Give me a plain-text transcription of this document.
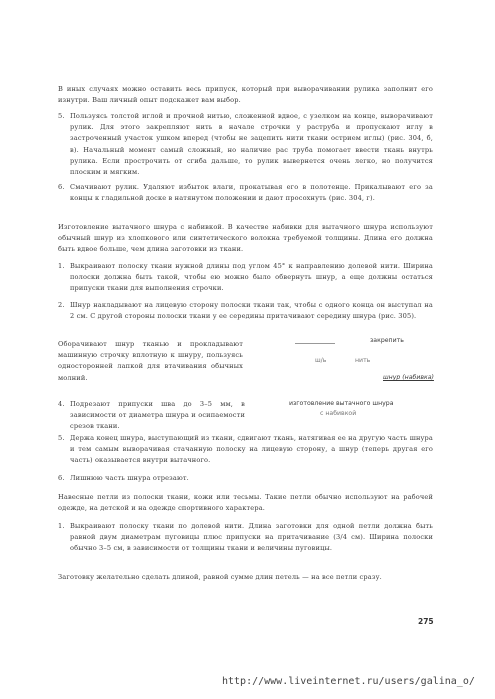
В иных случаях можно оставить весь припуск, который при выворачивании рулика заполнит его изнутри. Ваш личный опыт подскажет вам выбор.

5. Пользуясь толстой иглой и прочной нитью, сложенной вдвое, с узелком на конце, выворачивают рулик. Для этого закрепляют нить в начале строчки у раструба и пропускают иглу в застроченный участок ушком вперед (чтобы не зацепить нити ткани острием иглы) (рис. 304, б, в). Начальный момент самый сложный, но наличие рас труба помогает ввести ткань внутрь рулика. Если прострочить от сгиба дальше, то рулик вывернется очень легко, но получится плоским и мягким.
6. Смачивают рулик. Удаляют избыток влаги, прокатывая его в полотенце. Прикалывают его за концы к гладильной доске в натянутом положении и дают просохнуть (рис. 304, г).

Изготовление вытачного шнура с набивкой. В качестве набивки для вытачного шнура используют обычный шнур из хлопкового или синтетического волокна требуемой толщины. Длина его должна быть вдвое больше, чем длина заготовки из ткани.

1. Выкраивают полоску ткани нужной длины под углом 45° к направлению долевой нити. Ширина полоски должна быть такой, чтобы ею можно было обвернуть шнур, а еще должны остаться припуски ткани для выполнения строчки.
2. Шнур накладывают на лицевую сторону полоски ткани так, чтобы с одного конца он выступал на 2 см. С другой стороны полоски ткани у ее середины притачивают середину шнура (рис. 305).
Оборачивают шнур тканью и прокладывают машинную строчку вплотную к шнуру, пользуясь односторонней лапкой для втачивания обычных молний.
4. Подрезают припуски швa до 3–5 мм, в зависимости от диаметра шнура и осипаемости срезов ткани.
закрепить
ш/ь	нить
шнур (набивка)
изготовление вытачного шнура
с набивкой
5. Держа конец шнура, выступающий из ткани, сдвигают ткань, натягивая ее на другую часть шнура и тем самым выворачивая стачанную полоску на лицевую сторону, а шнур (теперь другая его часть) оказывается внутри вытачного.
6. Лишнюю часть шнура отрезают.

Навесные петли из полоски ткани, кожи или тесьмы. Такие петли обычно используют на рабочей одежде, на детской и на одежде спортивного характера.

1. Выкраивают полоску ткани по долевой нити. Длина заготовки для одной петли должна быть равной двум диаметрам пуговицы плюс припуски на притачивание (3/4 см). Ширина полоски обычно 3–5 см, в зависимости от толщины ткани и величины пуговицы.

Заготовку желательно сделать длиной, равной сумме длин петель — на все петли сразу.

275
http://www.liveinternet.ru/users/galina_o/
